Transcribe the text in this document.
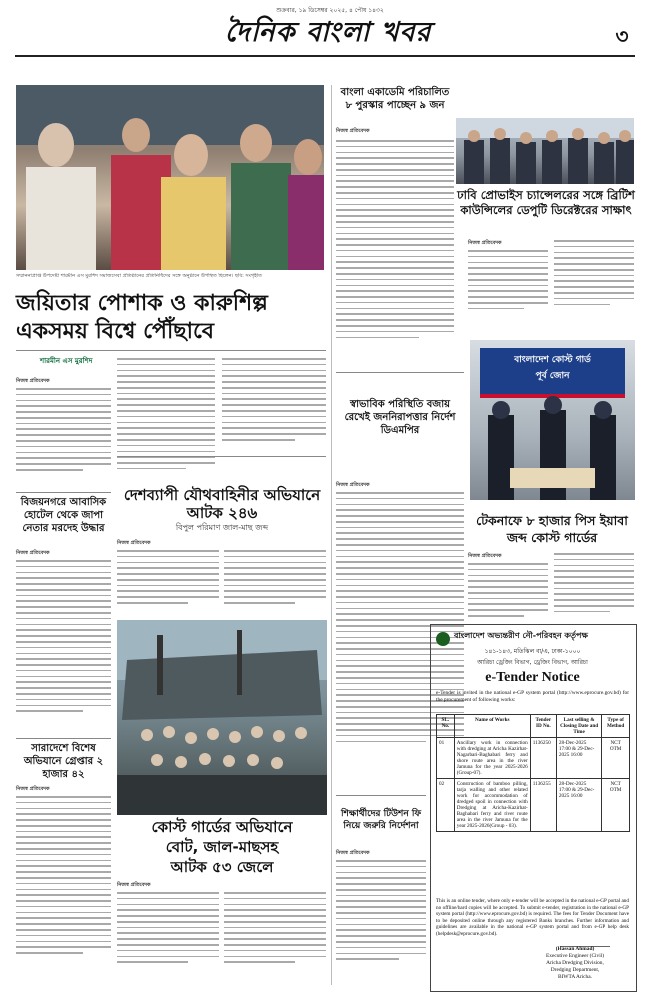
শুক্রবার, ১৯ ডিসেম্বর ২০২৫, ৪ পৌষ ১৪৩২
দৈনিক বাংলা খবর	৩
সম্মাননাপ্রাপ্ত উপদেষ্টা শারমীন এস মুরশিদ সমাজসেবা প্রতিষ্ঠানের প্রতিনিধিদের সঙ্গে অনুষ্ঠানে উপস্থিত ছিলেন। ছবি: সংগৃহীত
জয়িতার পোশাক ও কারুশিল্প
একসময় বিশ্বে পৌঁছাবে
শারমীন এস মুরশিদ
নিজস্ব প্রতিবেদক
বিজয়নগরে আবাসিক হোটেল থেকে জাপা নেতার মরদেহ উদ্ধার
নিজস্ব প্রতিবেদক
দেশব্যাপী যৌথবাহিনীর অভিযানে আটক ২৪৬
বিপুল পরিমাণ জাল-মাছ জব্দ
নিজস্ব প্রতিবেদক
সারাদেশে বিশেষ অভিযানে গ্রেপ্তার ২ হাজার ৪২
নিজস্ব প্রতিবেদক
কোস্ট গার্ডের অভিযানে
বোট, জাল-মাছসহ
আটক ৫৩ জেলে
নিজস্ব প্রতিবেদক
বাংলা একাডেমি পরিচালিত ৮ পুরস্কার পাচ্ছেন ৯ জন
নিজস্ব প্রতিবেদক
স্বাভাবিক পরিস্থিতি বজায় রেখেই জননিরাপত্তার নির্দেশ ডিএমপির
নিজস্ব প্রতিবেদক
শিক্ষার্থীদের টিউশন ফি নিয়ে জরুরি নির্দেশনা
নিজস্ব প্রতিবেদক
ঢাবি প্রোভাইস চ্যান্সেলরের সঙ্গে ব্রিটিশ কাউন্সিলের ডেপুটি ডিরেক্টরের সাক্ষাৎ
নিজস্ব প্রতিবেদক
বাংলাদেশ কোস্ট গার্ড
পূর্ব জোন
টেকনাফে ৮ হাজার পিস ইয়াবা জব্দ কোস্ট গার্ডের
নিজস্ব প্রতিবেদক
বাংলাদেশ অভ্যন্তরীণ নৌ-পরিবহন কর্তৃপক্ষ
১৪১-১৪৩, মতিঝিল বা/এ, ঢাকা-১০০০
আরিচা ড্রেজিং বিভাগ, ড্রেজিং বিভাগ, আরিচা
e-Tender Notice
e-Tender is invited in the national e-GP system portal (http://www.eprocure.gov.bd) for the procurement of following works:
SL. No.	Name of Works	Tender ID No.	Last selling & Closing Date and Time	Type of Method
01	Ancillary work in connection with dredging at Aricha Kazirhat-Nagarbari-Baghabari ferry and shore route area in the river Jamuna for the year 2025-2026 (Group-07).	1136250	28-Dec-2025 17:00 & 29-Dec-2025 16:00	NCT OTM
02	Construction of bamboo pilling, tarja walling and other related work for accommodation of dredged spoil in connection with Dredging at Aricha-Kazirhat-Baghabari ferry and river route area in the river Jamuna for the year 2025-2026(Group - 03).	1136255	28-Dec-2025 17:00 & 29-Dec-2025 16:00	NCT OTM
This is an online tender, where only e-tender will be accepted in the national e-GP portal and no offline/hard copies will be accepted. To submit e-tender, registration in the national e-GP system portal (http://www.eprocure.gov.bd) is required. The fees for Tender Document have to be deposited online through any registered Banks branches. Further information and guidelines are available in the national e-GP system portal and from e-GP help desk (helpdesk@eprocure.gov.bd).
(Hassan Ahmad)
Executive Engineer (Civil)
Aricha Dredging Division,
Dredging Department,
BIWTA Aricha.
